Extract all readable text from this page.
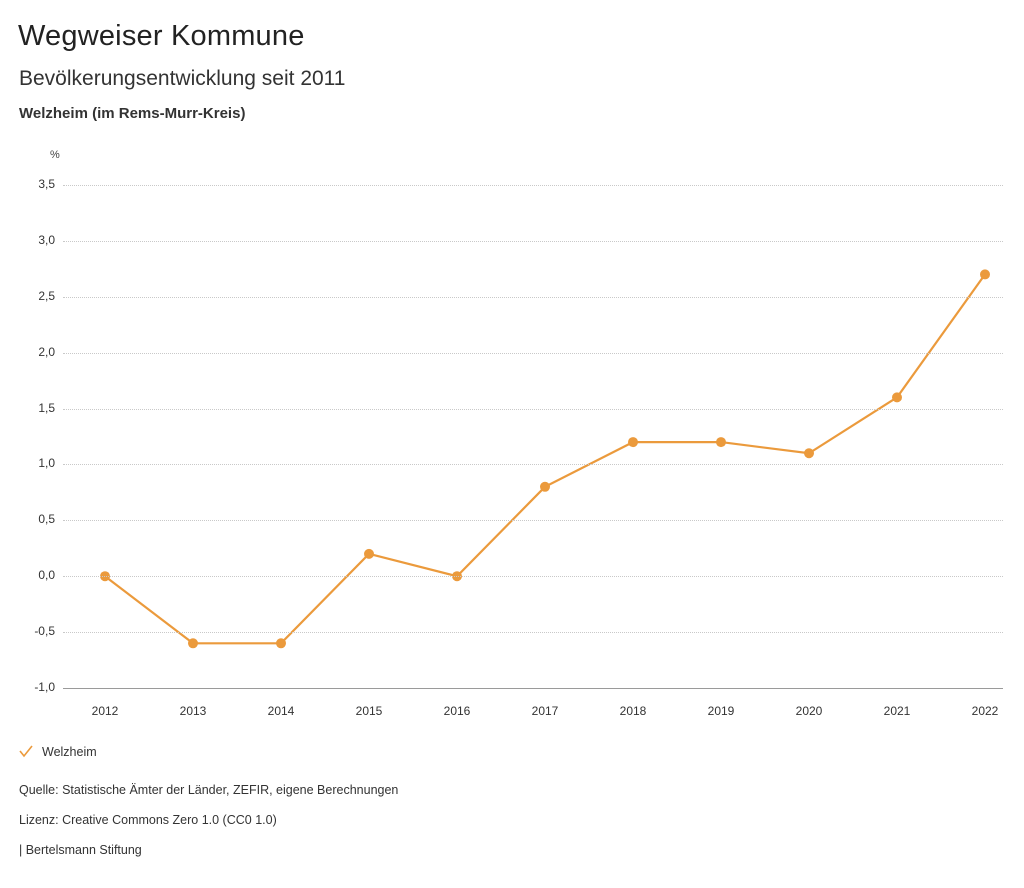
Wegweiser Kommune
Bevölkerungsentwicklung seit 2011
Welzheim (im Rems-Murr-Kreis)
%
3,5
3,0
2,5
2,0
1,5
1,0
0,5
0,0
-0,5
-1,0
2012	2013	2014	2015	2016	2017	2018	2019	2020	2021	2022
Welzheim
Quelle: Statistische Ämter der Länder, ZEFIR, eigene Berechnungen
Lizenz: Creative Commons Zero 1.0 (CC0 1.0)
| Bertelsmann Stiftung
